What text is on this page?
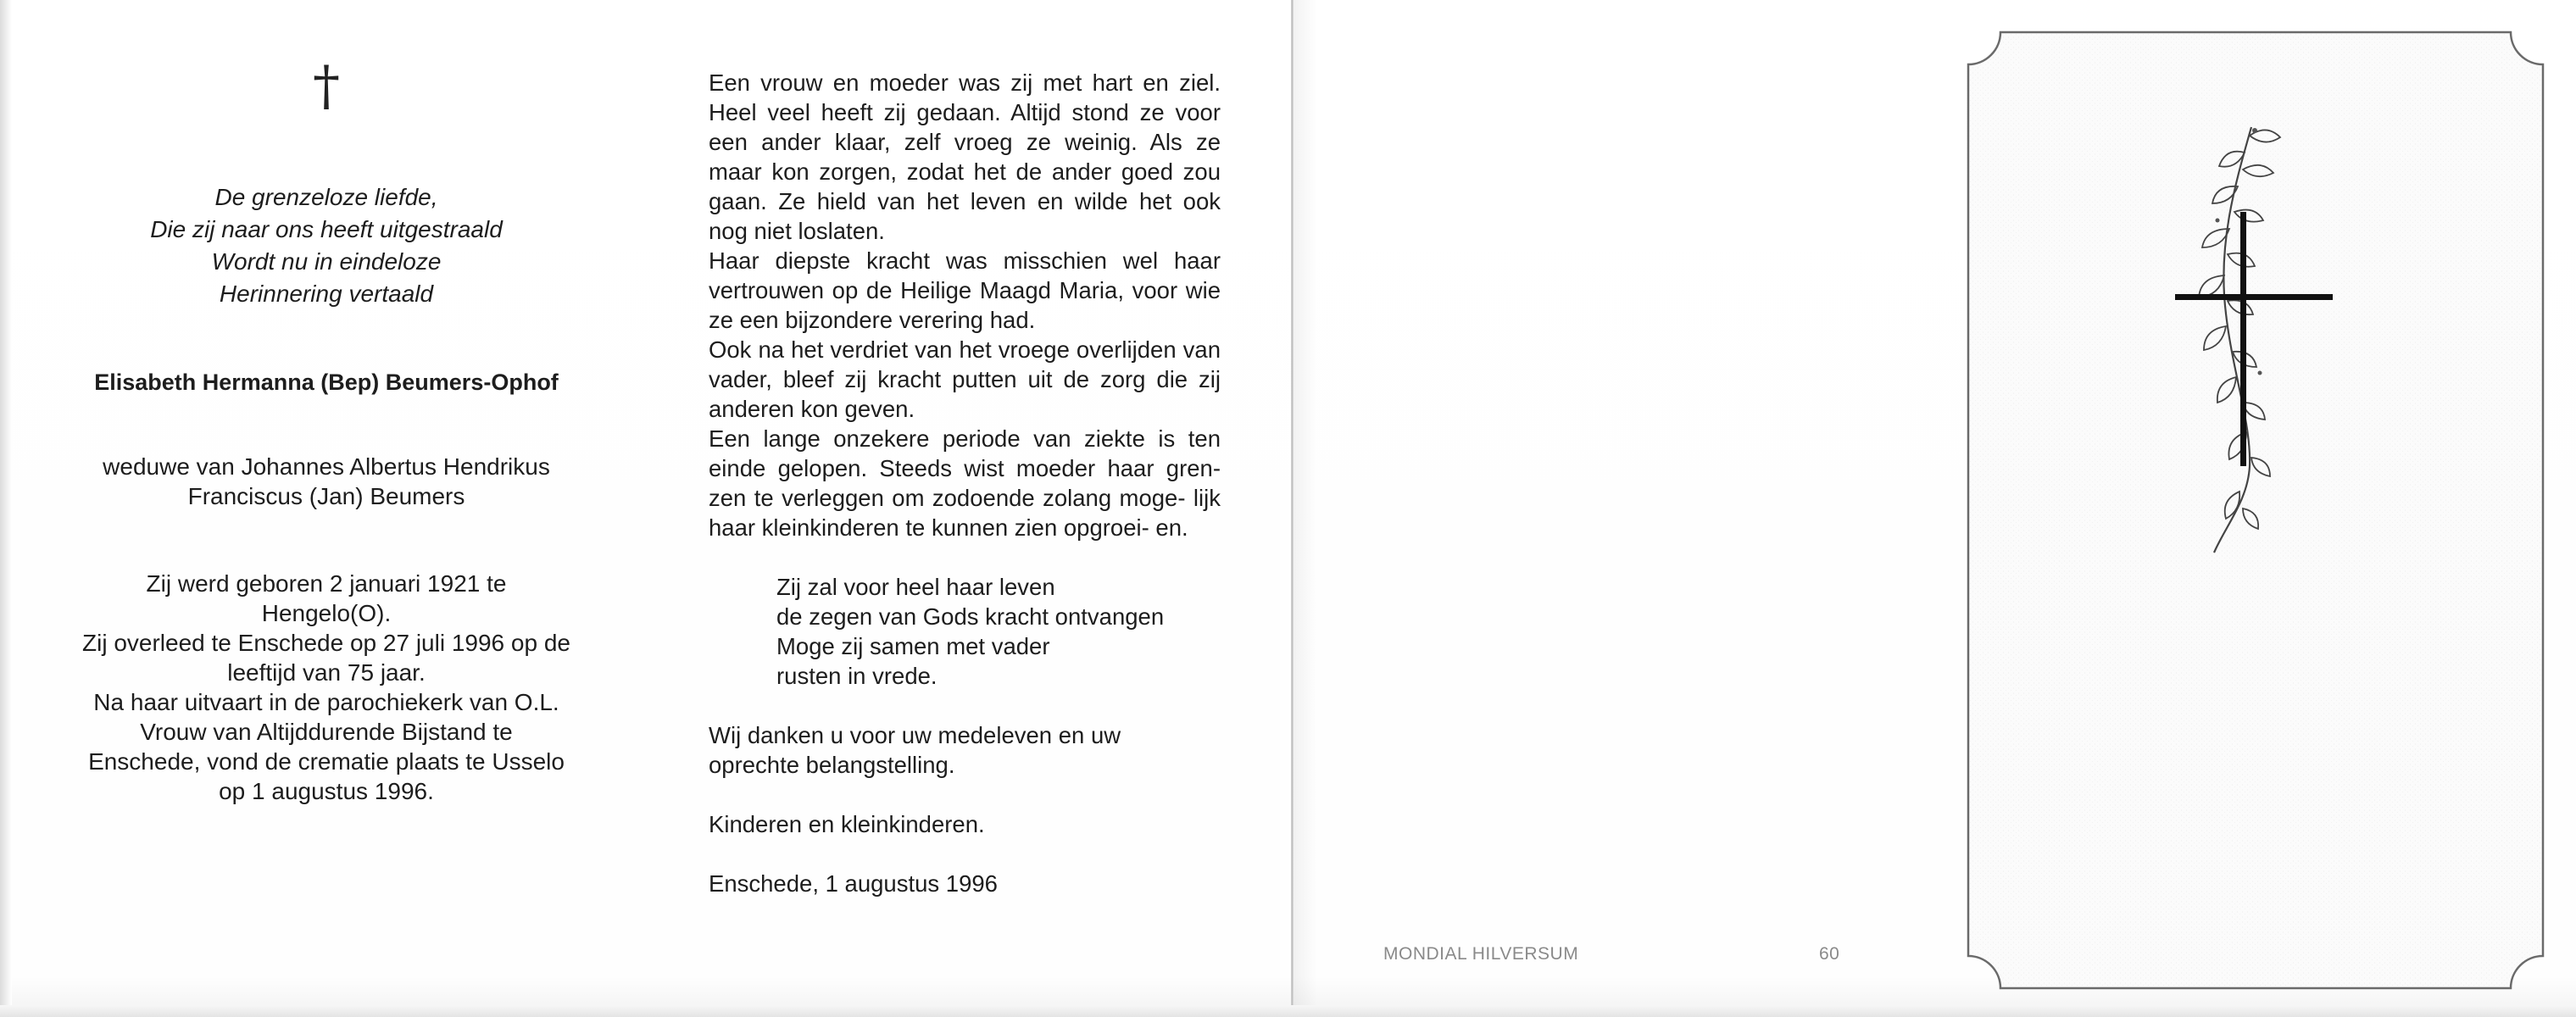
†
De grenzeloze liefde,
Die zij naar ons heeft uitgestraald
Wordt nu in eindeloze
Herinnering vertaald
Elisabeth Hermanna (Bep) Beumers-Ophof
weduwe van Johannes Albertus Hendrikus
Franciscus (Jan) Beumers
Zij werd geboren 2 januari 1921 te
Hengelo(O).
Zij overleed te Enschede op 27 juli 1996 op de
leeftijd van 75 jaar.
Na haar uitvaart in de parochiekerk van O.L.
Vrouw van Altijddurende Bijstand te
Enschede, vond de crematie plaats te Usselo
op 1 augustus 1996.

Een vrouw en moeder was zij met hart en ziel. Heel veel heeft zij gedaan. Altijd stond ze voor een ander klaar, zelf vroeg ze weinig. Als ze maar kon zorgen, zodat het de ander goed zou gaan. Ze hield van het leven en wilde het ook nog niet loslaten.

Haar diepste kracht was misschien wel haar vertrouwen op de Heilige Maagd Maria, voor wie ze een bijzondere verering had.

Ook na het verdriet van het vroege overlijden van vader, bleef zij kracht putten uit de zorg die zij anderen kon geven.

Een lange onzekere periode van ziekte is ten einde gelopen. Steeds wist moeder haar gren- zen te verleggen om zodoende zolang moge- lijk haar kleinkinderen te kunnen zien opgroei- en.

Zij zal voor heel haar leven
de zegen van Gods kracht ontvangen
Moge zij samen met vader
rusten in vrede.

Wij danken u voor uw medeleven en uw
oprechte belangstelling.

Kinderen en kleinkinderen.

Enschede, 1 augustus 1996

MONDIAL HILVERSUM	60
